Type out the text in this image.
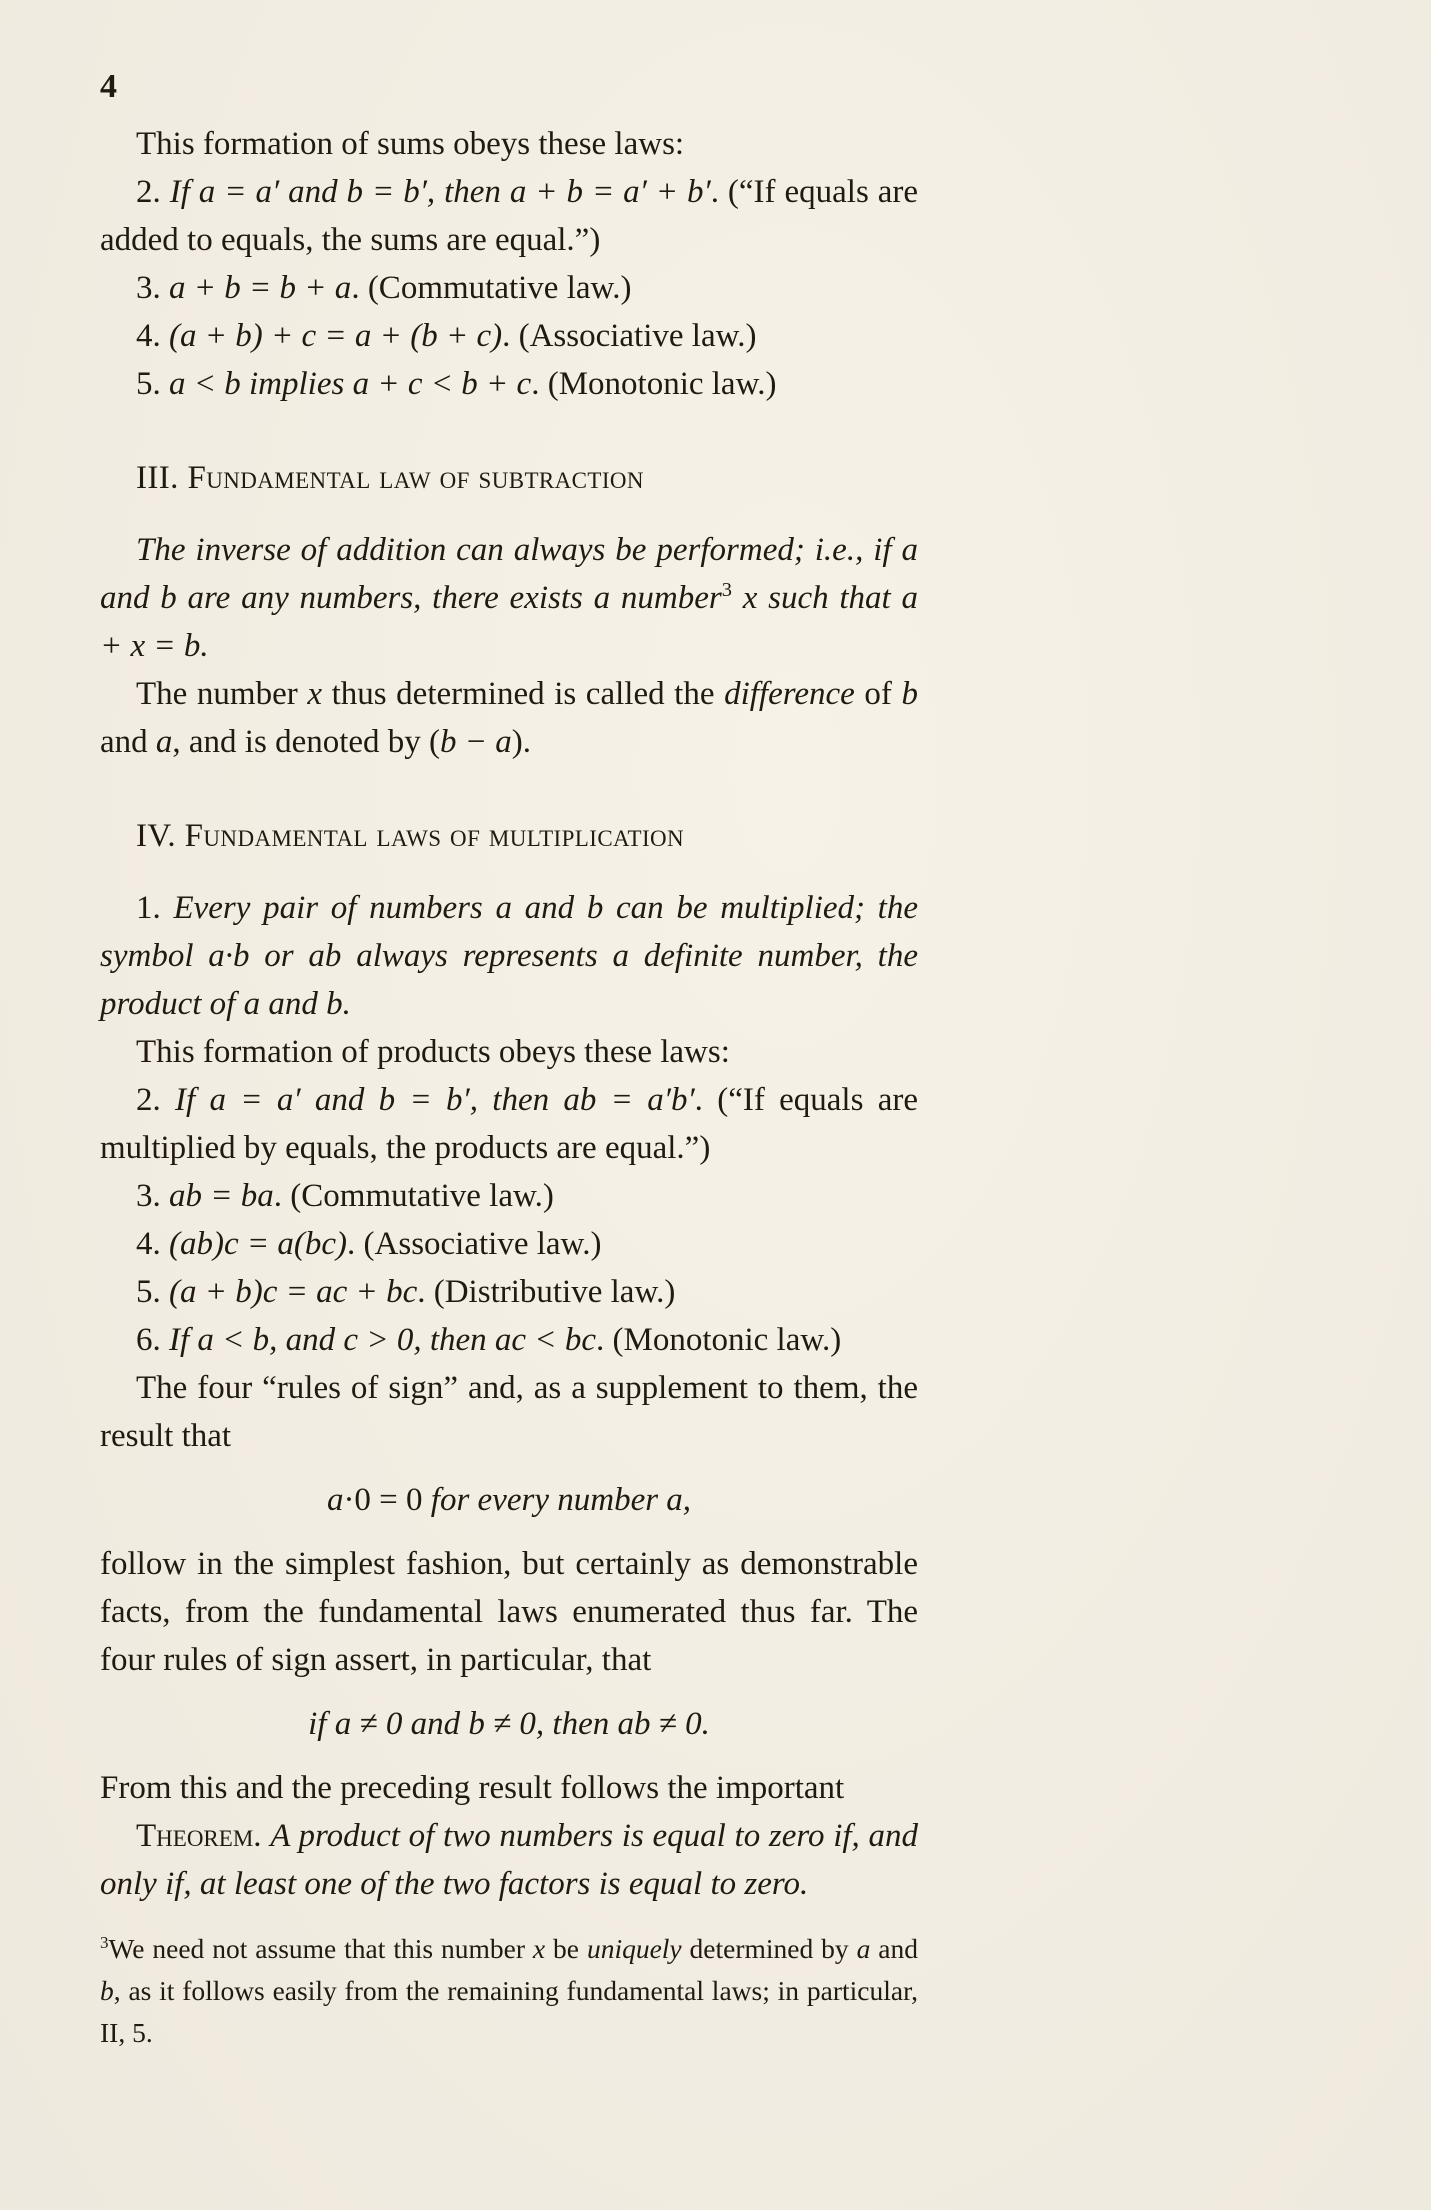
4

This formation of sums obeys these laws:

2. If a = a′ and b = b′, then a + b = a′ + b′. (“If equals are added to equals, the sums are equal.”)

3. a + b = b + a. (Commutative law.)

4. (a + b) + c = a + (b + c). (Associative law.)

5. a < b implies a + c < b + c. (Monotonic law.)

III. Fundamental law of subtraction

The inverse of addition can always be performed; i.e., if a and b are any numbers, there exists a number$^3$ x such that a + x = b.

The number x thus determined is called the difference of b and a, and is denoted by (b − a).

IV. Fundamental laws of multiplication

1. Every pair of numbers a and b can be multiplied; the symbol a·b or ab always represents a definite number, the product of a and b.

This formation of products obeys these laws:

2. If a = a′ and b = b′, then ab = a′b′. (“If equals are multiplied by equals, the products are equal.”)

3. ab = ba. (Commutative law.)

4. (ab)c = a(bc). (Associative law.)

5. (a + b)c = ac + bc. (Distributive law.)

6. If a < b, and c > 0, then ac < bc. (Monotonic law.)

The four “rules of sign” and, as a supplement to them, the result that

a·0 = 0 for every number a,

follow in the simplest fashion, but certainly as demonstrable facts, from the fundamental laws enumerated thus far. The four rules of sign assert, in particular, that

if a ≠ 0 and b ≠ 0, then ab ≠ 0.

From this and the preceding result follows the important

Theorem. A product of two numbers is equal to zero if, and only if, at least one of the two factors is equal to zero.

$^3$We need not assume that this number x be uniquely determined by a and b, as it follows easily from the remaining fundamental laws; in particular, II, 5.
